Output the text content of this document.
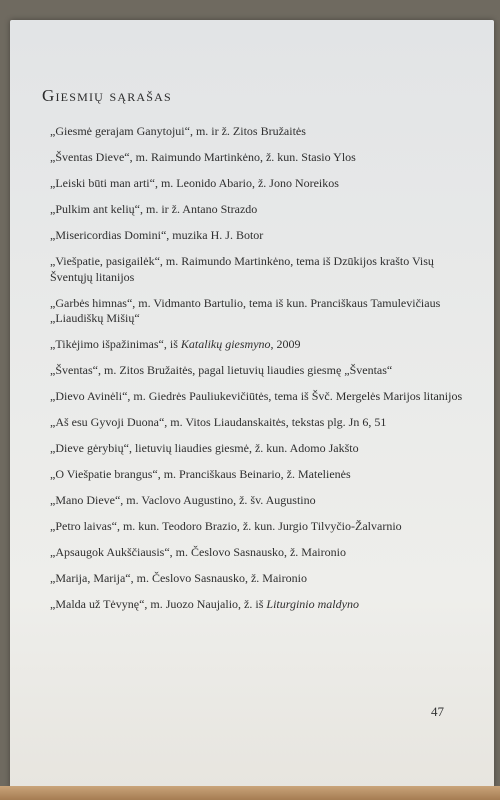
Giesmių sąrašas
„Giesmė gerajam Ganytojui“, m. ir ž. Zitos Bružaitės
„Šventas Dieve“, m. Raimundo Martinkėno, ž. kun. Stasio Ylos
„Leiski būti man arti“, m. Leonido Abario, ž. Jono Noreikos
„Pulkim ant kelių“, m. ir ž. Antano Strazdo
„Misericordias Domini“, muzika H. J. Botor
„Viešpatie, pasigailėk“, m. Raimundo Martinkėno, tema iš Dzūkijos krašto Visų Šventųjų litanijos
„Garbės himnas“, m. Vidmanto Bartulio, tema iš kun. Pranciškaus Tamulevičiaus „Liaudiškų Mišių“
„Tikėjimo išpažinimas“, iš Katalikų giesmyno, 2009
„Šventas“, m. Zitos Bružaitės, pagal lietuvių liaudies giesmę „Šventas“
„Dievo Avinėli“, m. Giedrės Pauliukevičiūtės, tema iš Švč. Mergelės Marijos litanijos
„Aš esu Gyvoji Duona“, m. Vitos Liaudanskaitės, tekstas plg. Jn 6, 51
„Dieve gėrybių“, lietuvių liaudies giesmė, ž. kun. Adomo Jakšto
„O Viešpatie brangus“, m. Pranciškaus Beinario, ž. Matelienės
„Mano Dieve“, m. Vaclovo Augustino, ž. šv. Augustino
„Petro laivas“, m. kun. Teodoro Brazio, ž. kun. Jurgio Tilvyčio-Žalvarnio
„Apsaugok Aukščiausis“, m. Česlovo Sasnausko, ž. Maironio
„Marija, Marija“, m. Česlovo Sasnausko, ž. Maironio
„Malda už Tėvynę“, m. Juozo Naujalio, ž. iš Liturginio maldyno
47
